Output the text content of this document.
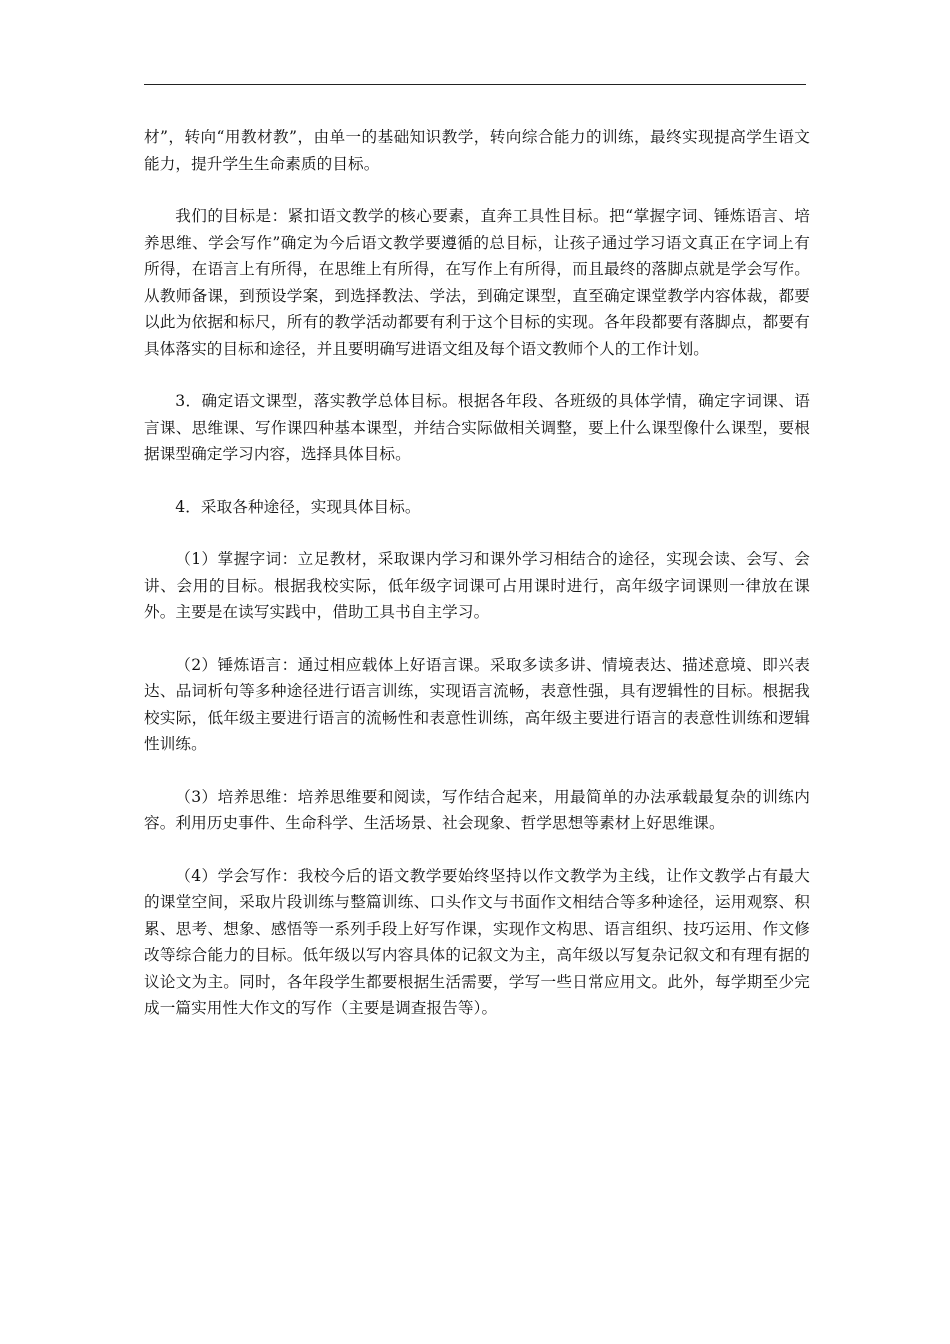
材”，转向“用教材教”，由单一的基础知识教学，转向综合能力的训练，最终实现提高学生语文能力，提升学生生命素质的目标。

我们的目标是：紧扣语文教学的核心要素，直奔工具性目标。把“掌握字词、锤炼语言、培养思维、学会写作”确定为今后语文教学要遵循的总目标，让孩子通过学习语文真正在字词上有所得，在语言上有所得，在思维上有所得，在写作上有所得，而且最终的落脚点就是学会写作。从教师备课，到预设学案，到选择教法、学法，到确定课型，直至确定课堂教学内容体裁，都要以此为依据和标尺，所有的教学活动都要有利于这个目标的实现。各年段都要有落脚点，都要有具体落实的目标和途径，并且要明确写进语文组及每个语文教师个人的工作计划。

3．确定语文课型，落实教学总体目标。根据各年段、各班级的具体学情，确定字词课、语言课、思维课、写作课四种基本课型，并结合实际做相关调整，要上什么课型像什么课型，要根据课型确定学习内容，选择具体目标。

4．采取各种途径，实现具体目标。

（1）掌握字词：立足教材，采取课内学习和课外学习相结合的途径，实现会读、会写、会讲、会用的目标。根据我校实际，低年级字词课可占用课时进行，高年级字词课则一律放在课外。主要是在读写实践中，借助工具书自主学习。

（2）锤炼语言：通过相应载体上好语言课。采取多读多讲、情境表达、描述意境、即兴表达、品词析句等多种途径进行语言训练，实现语言流畅，表意性强，具有逻辑性的目标。根据我校实际，低年级主要进行语言的流畅性和表意性训练，高年级主要进行语言的表意性训练和逻辑性训练。

（3）培养思维：培养思维要和阅读，写作结合起来，用最简单的办法承载最复杂的训练内容。利用历史事件、生命科学、生活场景、社会现象、哲学思想等素材上好思维课。

（4）学会写作：我校今后的语文教学要始终坚持以作文教学为主线，让作文教学占有最大的课堂空间，采取片段训练与整篇训练、口头作文与书面作文相结合等多种途径，运用观察、积累、思考、想象、感悟等一系列手段上好写作课，实现作文构思、语言组织、技巧运用、作文修改等综合能力的目标。低年级以写内容具体的记叙文为主，高年级以写复杂记叙文和有理有据的议论文为主。同时，各年段学生都要根据生活需要，学写一些日常应用文。此外，每学期至少完成一篇实用性大作文的写作（主要是调查报告等）。
